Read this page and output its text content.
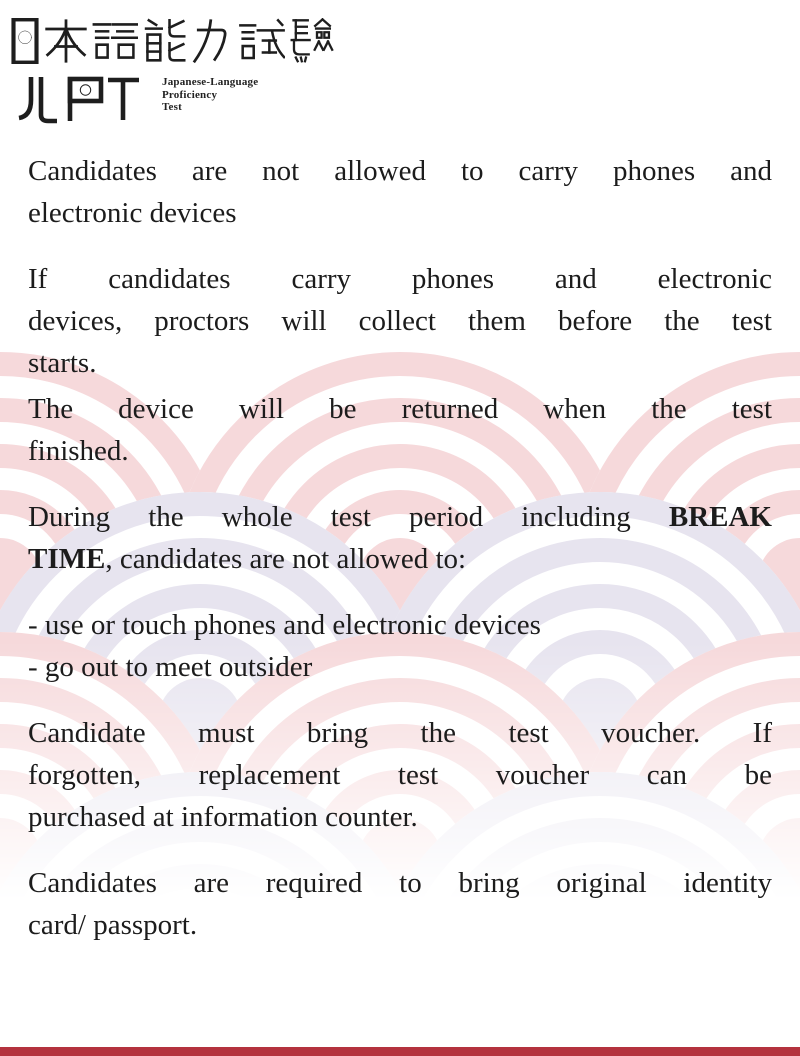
Japanese-Language
Proficiency
Test
Candidates are not allowed to carry phones and
electronic devices
If candidates carry phones and electronic
devices, proctors will collect them before the test
starts.
The device will be returned when the test
finished.
During the whole test period including BREAK
TIME, candidates are not allowed to:
- use or touch phones and electronic devices
- go out to meet outsider
Candidate must bring the test voucher. If
forgotten, replacement test voucher can be
purchased at information counter.
Candidates are required to bring original identity
card/ passport.
